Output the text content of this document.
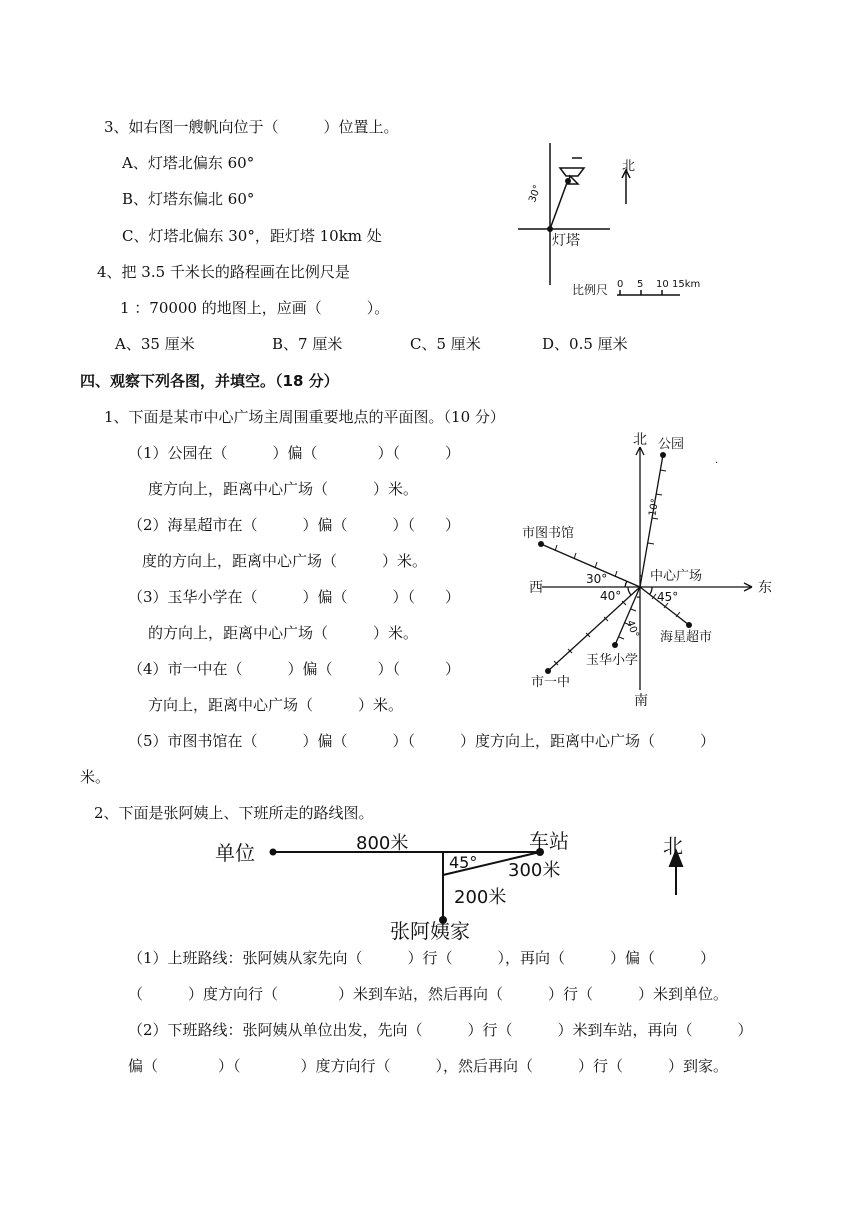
3、如右图一艘帆向位于（　　　）位置上。
A、灯塔北偏东 60°
B、灯塔东偏北 60°
C、灯塔北偏东 30°，距灯塔 10km 处
4、把 3.5 千米长的路程画在比例尺是
1 ：70000 的地图上，应画（　　　）。
A、35 厘米	B、7 厘米	C、5 厘米	D、0.5 厘米
北
30°
灯塔
比例尺 0 5 10 15km
四、观察下列各图，并填空。（18 分）
1、下面是某市中心广场主周围重要地点的平面图。（10 分）
（1）公园在（　　　）偏（　　　　）（　　　）
度方向上，距离中心广场（　　　）米。
（2）海星超市在（　　　）偏（　　　）（　　）
度的方向上，距离中心广场（　　　）米。
（3）玉华小学在（　　　）偏（　　　）（　　）
的方向上，距离中心广场（　　　）米。
（4）市一中在（　　　）偏（　　　）（　　　）
方向上，距离中心广场（　　　）米。
（5）市图书馆在（　　　）偏（　　　）（　　　）度方向上，距离中心广场（　　　）
米。
北
南
东
西
中心广场
公园
市图书馆
海星超市
玉华小学
市一中
10°
30°
40°	45°
40°
.
2、下面是张阿姨上、下班所走的路线图。
单位	车站
张阿姨家
北
800米
300米
200米
45°
（1）上班路线：张阿姨从家先向（　　　）行（　　　），再向（　　　）偏（　　　）
（　　　）度方向行（　　　　）米到车站，然后再向（　　　）行（　　　）米到单位。
（2）下班路线：张阿姨从单位出发，先向（　　　）行（　　　）米到车站，再向（　　　）
偏（　　　　）（　　　　）度方向行（　　　），然后再向（　　　）行（　　　）到家。
